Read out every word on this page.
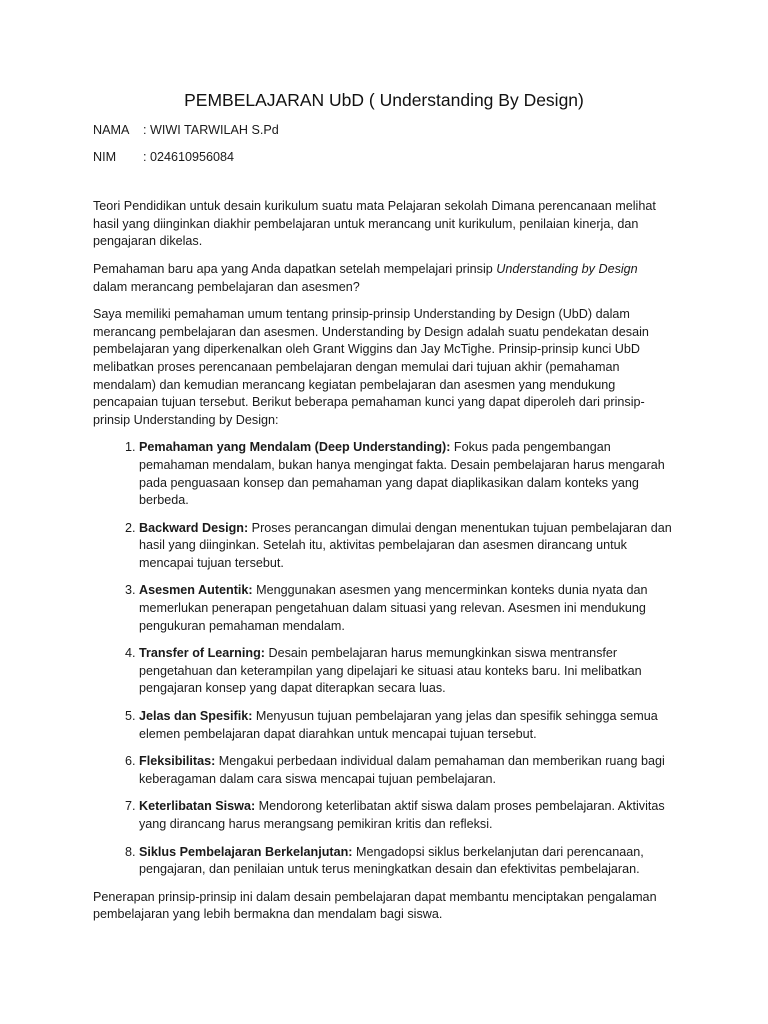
PEMBELAJARAN UbD ( Understanding By Design)
NAMA	: WIWI TARWILAH S.Pd
NIM	: 024610956084

Teori Pendidikan untuk desain kurikulum suatu mata Pelajaran sekolah Dimana perencanaan melihat hasil yang diinginkan diakhir pembelajaran untuk merancang unit kurikulum, penilaian kinerja, dan pengajaran dikelas.

Pemahaman baru apa yang Anda dapatkan setelah mempelajari prinsip Understanding by Design dalam merancang pembelajaran dan asesmen?

Saya memiliki pemahaman umum tentang prinsip-prinsip Understanding by Design (UbD) dalam merancang pembelajaran dan asesmen. Understanding by Design adalah suatu pendekatan desain pembelajaran yang diperkenalkan oleh Grant Wiggins dan Jay McTighe. Prinsip-prinsip kunci UbD melibatkan proses perencanaan pembelajaran dengan memulai dari tujuan akhir (pemahaman mendalam) dan kemudian merancang kegiatan pembelajaran dan asesmen yang mendukung pencapaian tujuan tersebut. Berikut beberapa pemahaman kunci yang dapat diperoleh dari prinsip-prinsip Understanding by Design:

1. Pemahaman yang Mendalam (Deep Understanding): Fokus pada pengembangan pemahaman mendalam, bukan hanya mengingat fakta. Desain pembelajaran harus mengarah pada penguasaan konsep dan pemahaman yang dapat diaplikasikan dalam konteks yang berbeda.
2. Backward Design: Proses perancangan dimulai dengan menentukan tujuan pembelajaran dan hasil yang diinginkan. Setelah itu, aktivitas pembelajaran dan asesmen dirancang untuk mencapai tujuan tersebut.
3. Asesmen Autentik: Menggunakan asesmen yang mencerminkan konteks dunia nyata dan memerlukan penerapan pengetahuan dalam situasi yang relevan. Asesmen ini mendukung pengukuran pemahaman mendalam.
4. Transfer of Learning: Desain pembelajaran harus memungkinkan siswa mentransfer pengetahuan dan keterampilan yang dipelajari ke situasi atau konteks baru. Ini melibatkan pengajaran konsep yang dapat diterapkan secara luas.
5. Jelas dan Spesifik: Menyusun tujuan pembelajaran yang jelas dan spesifik sehingga semua elemen pembelajaran dapat diarahkan untuk mencapai tujuan tersebut.
6. Fleksibilitas: Mengakui perbedaan individual dalam pemahaman dan memberikan ruang bagi keberagaman dalam cara siswa mencapai tujuan pembelajaran.
7. Keterlibatan Siswa: Mendorong keterlibatan aktif siswa dalam proses pembelajaran. Aktivitas yang dirancang harus merangsang pemikiran kritis dan refleksi.
8. Siklus Pembelajaran Berkelanjutan: Mengadopsi siklus berkelanjutan dari perencanaan, pengajaran, dan penilaian untuk terus meningkatkan desain dan efektivitas pembelajaran.

Penerapan prinsip-prinsip ini dalam desain pembelajaran dapat membantu menciptakan pengalaman pembelajaran yang lebih bermakna dan mendalam bagi siswa.
